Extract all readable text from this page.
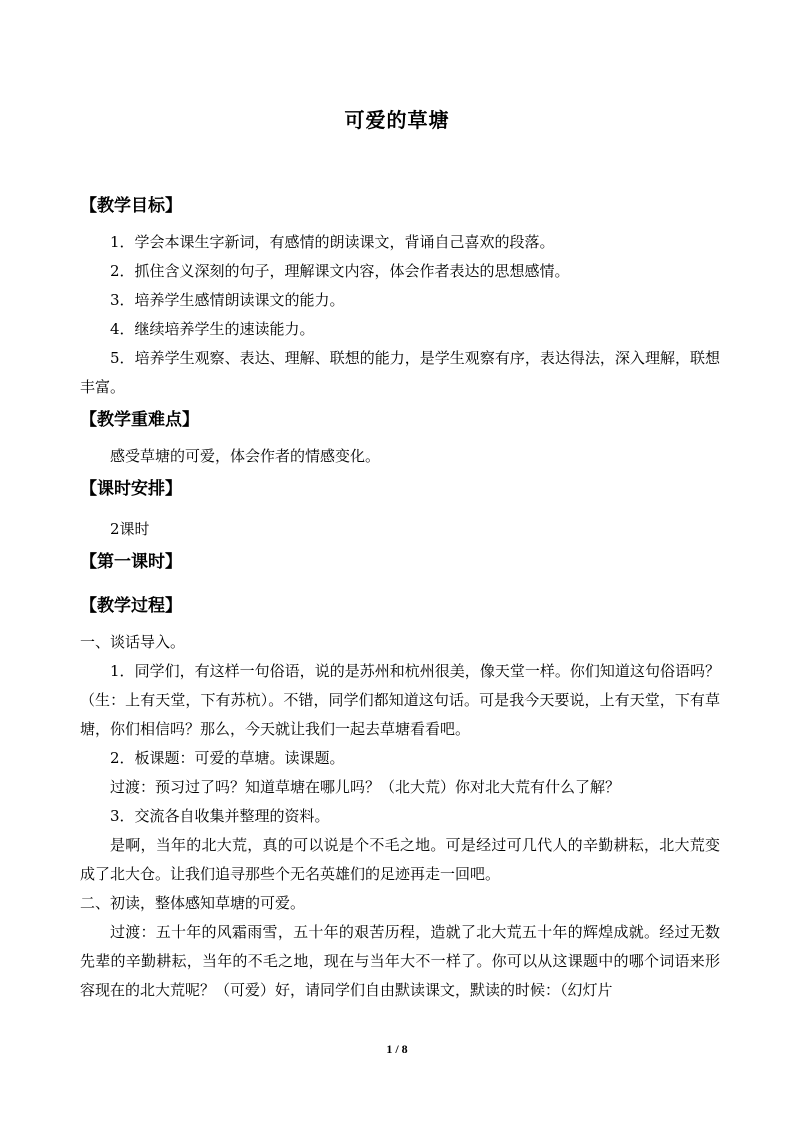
可爱的草塘
【教学目标】

1．学会本课生字新词，有感情的朗读课文，背诵自己喜欢的段落。

2．抓住含义深刻的句子，理解课文内容，体会作者表达的思想感情。

3．培养学生感情朗读课文的能力。

4．继续培养学生的速读能力。

5．培养学生观察、表达、理解、联想的能力，是学生观察有序，表达得法，深入理解，联想丰富。

【教学重难点】

感受草塘的可爱，体会作者的情感变化。

【课时安排】

2课时

【第一课时】
【教学过程】

一、谈话导入。

1．同学们，有这样一句俗语，说的是苏州和杭州很美，像天堂一样。你们知道这句俗语吗？（生：上有天堂，下有苏杭）。不错，同学们都知道这句话。可是我今天要说，上有天堂，下有草塘，你们相信吗？那么，今天就让我们一起去草塘看看吧。

2．板课题：可爱的草塘。读课题。

过渡：预习过了吗？知道草塘在哪儿吗？（北大荒）你对北大荒有什么了解？

3．交流各自收集并整理的资料。

是啊，当年的北大荒，真的可以说是个不毛之地。可是经过可几代人的辛勤耕耘，北大荒变成了北大仓。让我们追寻那些个无名英雄们的足迹再走一回吧。

二、初读，整体感知草塘的可爱。

过渡：五十年的风霜雨雪，五十年的艰苦历程，造就了北大荒五十年的辉煌成就。经过无数先辈的辛勤耕耘，当年的不毛之地，现在与当年大不一样了。你可以从这课题中的哪个词语来形容现在的北大荒呢？（可爱）好，请同学们自由默读课文，默读的时候：（幻灯片

1 / 8
